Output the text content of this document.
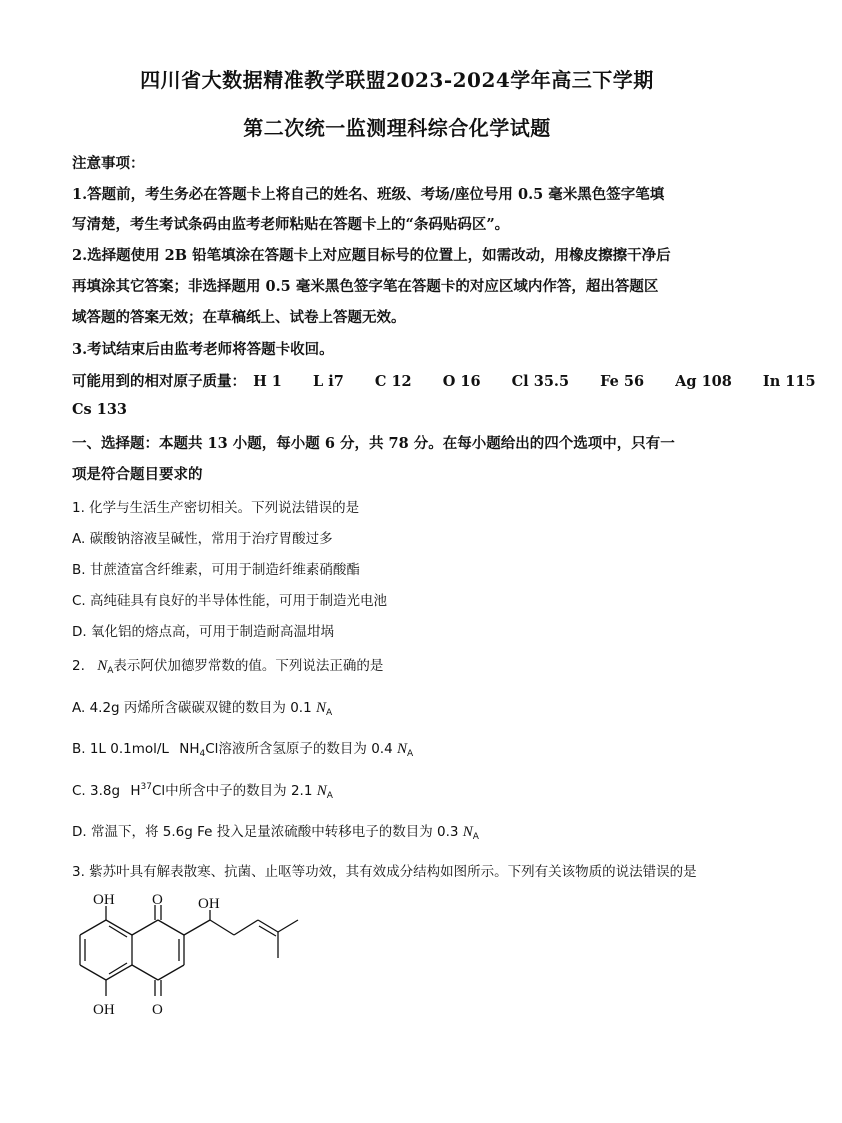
四川省大数据精准教学联盟2023-2024学年高三下学期
第二次统一监测理科综合化学试题
注意事项：
1.答题前，考生务必在答题卡上将自己的姓名、班级、考场/座位号用 0.5 毫米黑色签字笔填
写清楚，考生考试条码由监考老师粘贴在答题卡上的“条码贴码区”。
2.选择题使用 2B 铅笔填涂在答题卡上对应题目标号的位置上，如需改动，用橡皮擦擦干净后
再填涂其它答案；非选择题用 0.5 毫米黑色签字笔在答题卡的对应区域内作答，超出答题区
域答题的答案无效；在草稿纸上、试卷上答题无效。
3.考试结束后由监考老师将答题卡收回。
可能用到的相对原子质量： H 1 L i7 C 12 O 16 Cl 35.5 Fe 56 Ag 108 In 115
Cs 133
一、选择题：本题共 13 小题，每小题 6 分，共 78 分。在每小题给出的四个选项中，只有一
项是符合题目要求的
1. 化学与生活生产密切相关。下列说法错误的是
A. 碳酸钠溶液呈碱性，常用于治疗胃酸过多
B. 甘蔗渣富含纤维素，可用于制造纤维素硝酸酯
C. 高纯硅具有良好的半导体性能，可用于制造光电池
D. 氧化铝的熔点高，可用于制造耐高温坩埚
2. $N_A$表示阿伏加德罗常数的值。下列说法正确的是
A. 4.2g 丙烯所含碳碳双键的数目为 0.1 $N_A$
B. 1L 0.1mol/L $NH_4Cl$溶液所含氢原子的数目为 0.4 $N_A$
C. 3.8g $H^{37}Cl$中所含中子的数目为 2.1 $N_A$
D. 常温下，将 5.6g Fe 投入足量浓硫酸中转移电子的数目为 0.3 $N_A$
3. 紫苏叶具有解表散寒、抗菌、止呕等功效，其有效成分结构如图所示。下列有关该物质的说法错误的是
OH O OH
OH O
